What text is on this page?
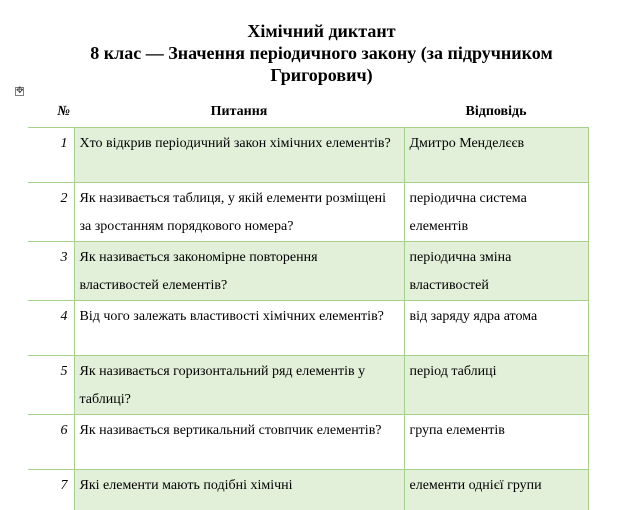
Хімічний диктант
8 клас — Значення періодичного закону (за підручником
Григорович)
✥
№	Питання	Відповідь
1	Хто відкрив періодичний закон хімічних елементів?	Дмитро Менделєєв
2	Як називається таблиця, у якій елементи розміщені за зростанням порядкового номера?	періодична система елементів
3	Як називається закономірне повторення властивостей елементів?	періодична зміна властивостей
4	Від чого залежать властивості хімічних елементів?	від заряду ядра атома
5	Як називається горизонтальний ряд елементів у таблиці?	період таблиці
6	Як називається вертикальний стовпчик елементів?	група елементів
7	Які елементи мають подібні хімічні	елементи однієї групи
